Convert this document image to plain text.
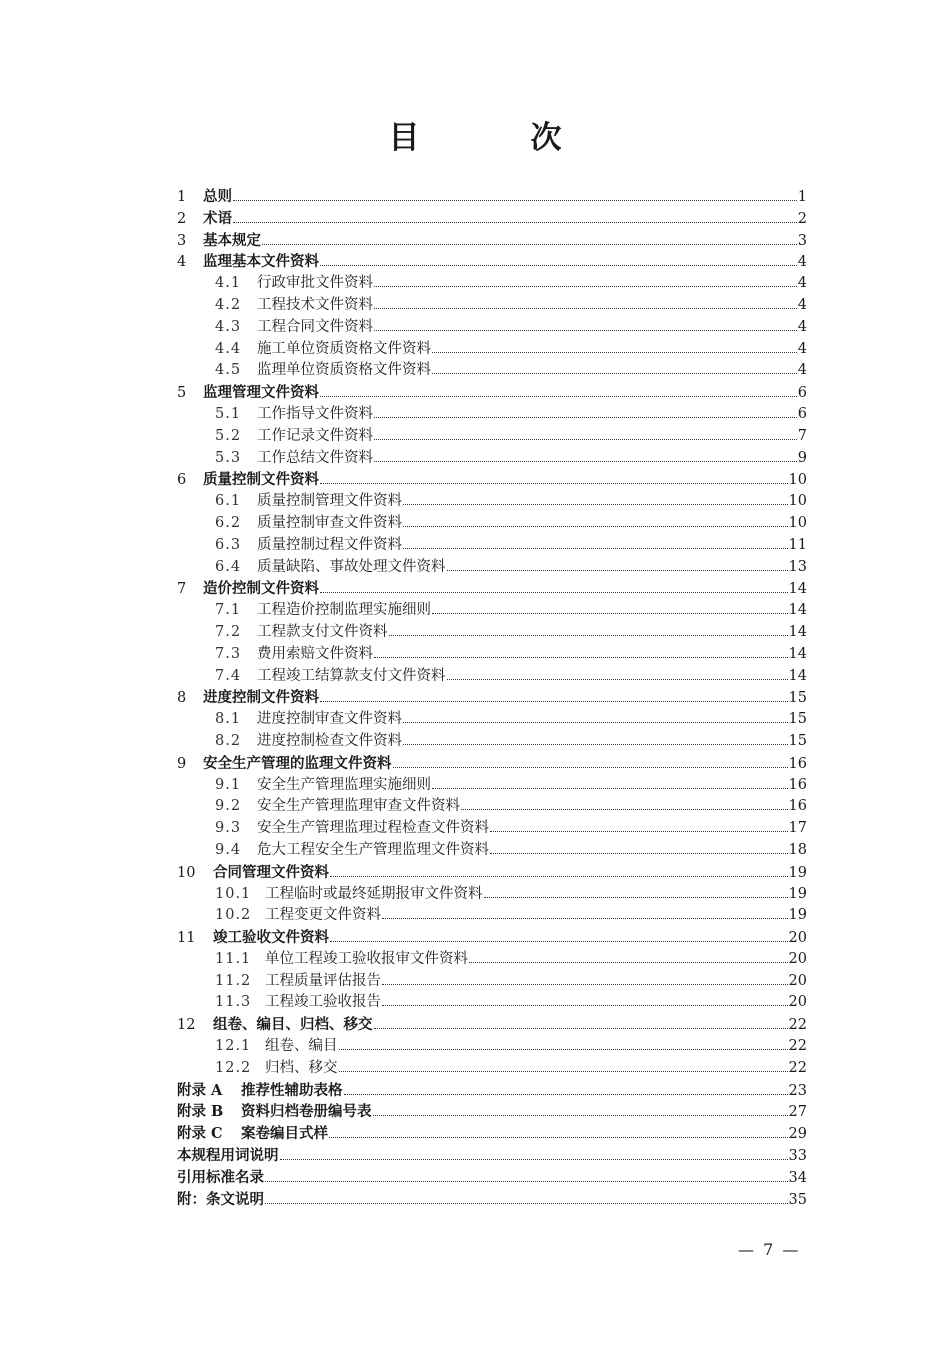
目　次
1	总则	1
2	术语	2
3	基本规定	3
4	监理基本文件资料	4
4.1	行政审批文件资料	4
4.2	工程技术文件资料	4
4.3	工程合同文件资料	4
4.4	施工单位资质资格文件资料	4
4.5	监理单位资质资格文件资料	4
5	监理管理文件资料	6
5.1	工作指导文件资料	6
5.2	工作记录文件资料	7
5.3	工作总结文件资料	9
6	质量控制文件资料	10
6.1	质量控制管理文件资料	10
6.2	质量控制审查文件资料	10
6.3	质量控制过程文件资料	11
6.4	质量缺陷、事故处理文件资料	13
7	造价控制文件资料	14
7.1	工程造价控制监理实施细则	14
7.2	工程款支付文件资料	14
7.3	费用索赔文件资料	14
7.4	工程竣工结算款支付文件资料	14
8	进度控制文件资料	15
8.1	进度控制审查文件资料	15
8.2	进度控制检查文件资料	15
9	安全生产管理的监理文件资料	16
9.1	安全生产管理监理实施细则	16
9.2	安全生产管理监理审查文件资料	16
9.3	安全生产管理监理过程检查文件资料	17
9.4	危大工程安全生产管理监理文件资料	18
10	合同管理文件资料	19
10.1 工程临时或最终延期报审文件资料	19
10.2 工程变更文件资料	19
11	竣工验收文件资料	20
11.1 单位工程竣工验收报审文件资料	20
11.2 工程质量评估报告	20
11.3 工程竣工验收报告	20
12	组卷、编目、归档、移交	22
12.1 组卷、编目	22
12.2 归档、移交	22
附录 A	推荐性辅助表格	23
附录 B	资料归档卷册编号表	27
附录 C	案卷编目式样	29
本规程用词说明	33
引用标准名录	34
附：条文说明	35
— 7 —
